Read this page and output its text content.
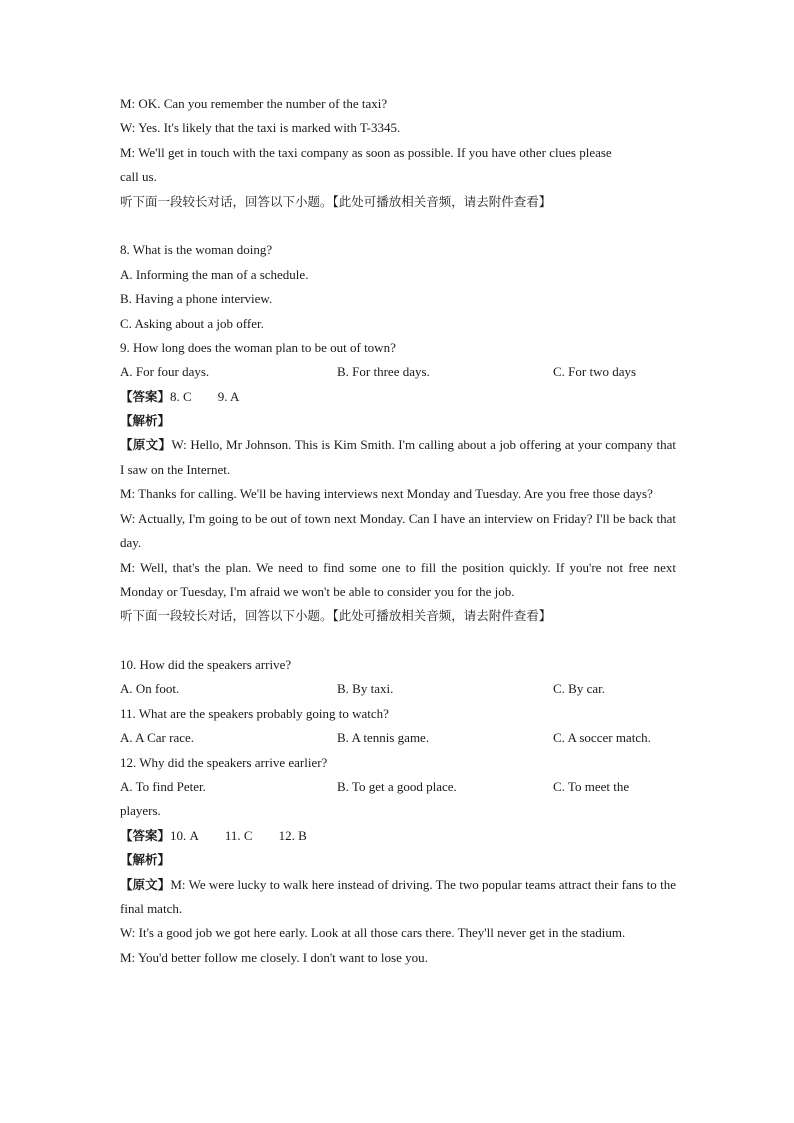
M: OK. Can you remember the number of the taxi?
W: Yes. It's likely that the taxi is marked with T-3345.
M: We'll get in touch with the taxi company as soon as possible. If you have other clues please
call us.
听下面一段较长对话，回答以下小题。【此处可播放相关音频，请去附件查看】
8. What is the woman doing?
A. Informing the man of a schedule.
B. Having a phone interview.
C. Asking about a job offer.
9. How long does the woman plan to be out of town?
A. For four days.	B. For three days.	C. For two days
【答案】8. C 9. A
【解析】
【原文】W: Hello, Mr Johnson. This is Kim Smith. I'm calling about a job offering at your company that I saw on the Internet.
M: Thanks for calling. We'll be having interviews next Monday and Tuesday. Are you free those days?
W: Actually, I'm going to be out of town next Monday. Can I have an interview on Friday? I'll be back that day.
M: Well, that's the plan. We need to find some one to fill the position quickly. If you're not free next Monday or Tuesday, I'm afraid we won't be able to consider you for the job.
听下面一段较长对话，回答以下小题。【此处可播放相关音频，请去附件查看】
10. How did the speakers arrive?
A. On foot.	B. By taxi.	C. By car.
11. What are the speakers probably going to watch?
A. A Car race.	B. A tennis game.	C. A soccer match.
12. Why did the speakers arrive earlier?
A. To find Peter.	B. To get a good place.	C. To meet the
players.
【答案】10. A 11. C 12. B
【解析】
【原文】M: We were lucky to walk here instead of driving. The two popular teams attract their fans to the final match.
W: It's a good job we got here early. Look at all those cars there. They'll never get in the stadium.
M: You'd better follow me closely. I don't want to lose you.
